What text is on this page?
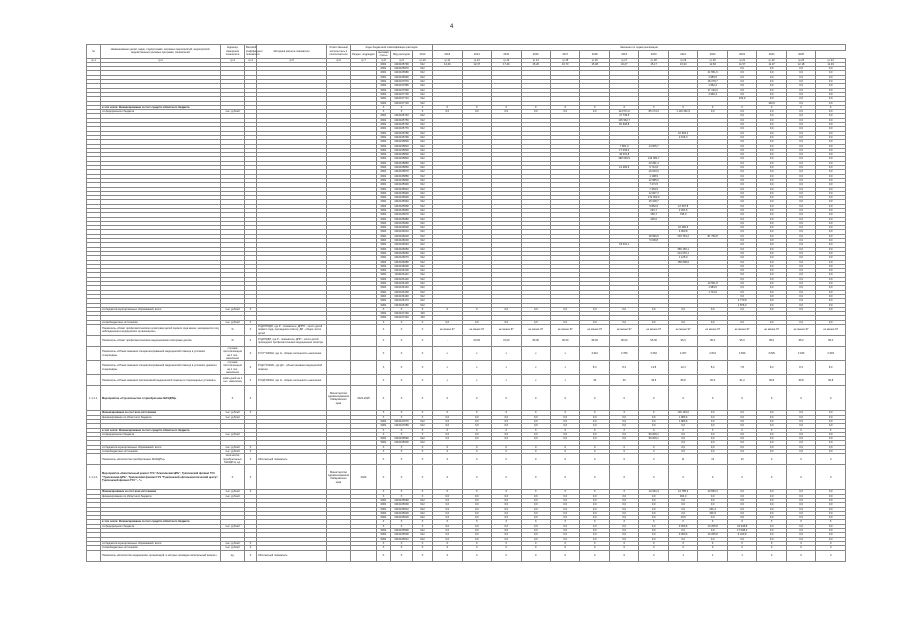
4
№	Наименование целей, задач, подпрограмм, основных мероприятий, мероприятий, ведомственных целевых программ, показателей	Единица измерения показателя	Весовой коэффициент показателя	Методика расчета показателя	Ответственный исполнитель и соисполнители	Коды бюджетной классификации расходов				Значения по годам реализации													
						Раздел, подраздел	Целевая статья	Вид расходов	2012	2013	2014	2015	2016	2017	2018	2019	2020	2021	2022	2023	2024	2025	
гр.1	гр.2	гр.3	гр.4	гр.5	гр.6	гр.7	гр.8	гр.9	гр.10	гр.11	гр.12	гр.13	гр.14	гр.15	гр.16	гр.17	гр.18	гр.19	гр.20	гр.21	гр.22	гр.23	гр.24
							0901	1010105790	612	12,26	12,37	17,49	15,20	16,73	15,48	16,27	15,17	13,34	12,66	11,57	11,37	12,18	11,49
							0901	1010105970	612											0,0	0,0	0,0	0,0
							0901	1010105980	612										21 551,0	0,0	0,0	0,0	0,0
							0901	1010105990	612										1 983,5	0,0	0,0	0,0	0,0
							0901	1010107670	612										18 279,7	0,0	0,0	0,0	0,0
							0901	1010107680	612										1 962,2	0,0	0,0	0,0	0,0
							0901	1010107690	612										17 133,0	0,0	0,0	0,0	0,0
							0901	1010107700	612										4 960,4	0,0	0,0	0,0	0,0
							0901	1010107710	612											100,0	0,0	0,0	0,0
							0901	1010107720	612												100,0	0,0	0,0
	в том числе: Финансирование за счет средств областного бюджета						Х	Х	Х	Х	Х	Х	Х	Х	Х	Х	Х	Х	Х	Х	Х	Х	Х
	из федерального бюджета	тыс. рублей					Х	Х	Х	0,0	0,0	0,0	0,0	0,0	0,0	114 571,0	86 174,3	1 116 391,6	0,0	0,0	0,0	0,0	0,0
							0901	1010105740	612							47 739,5				0,0	0,0	0,0	0,0
							0901	1010105750	612							145 962,7				0,0	0,0	0,0	0,0
							0901	1010105760	612							50 928,8				0,0	0,0	0,0	0,0
							0901	1010105770	612											0,0	0,0	0,0	0,0
							0901	1010105780	612									10 694,2		0,0	0,0	0,0	0,0
							0901	1010105790	612									2 916,3		0,0	0,0	0,0	0,0
							0901	1010105800	612											0,0	0,0	0,0	0,0
							0901	1010105810	612							7 861,0	14 605,7			0,0	0,0	0,0	0,0
							0901	1010105820	612							17 003,0				0,0	0,0	0,0	0,0
							0901	1010105830	612							46 001,8				0,0	0,0	0,0	0,0
							0901	1010105840	612							480 639,9	143 082,7			0,0	0,0	0,0	0,0
							0901	1010105850	612								43 291,3			0,0	0,0	0,0	0,0
							0901	1010105860	612							12 284,6	6 712,8			0,0	0,0	0,0	0,0
							0901	1010105870	612								16 023,0			0,0	0,0	0,0	0,0
							0901	1010105880	612								1 198,9			0,0	0,0	0,0	0,0
							0901	1010105890	612								12 985,0			0,0	0,0	0,0	0,0
							0901	1010105900	612								7 471,5			0,0	0,0	0,0	0,0
							0901	1010105910	612								7 464,5			0,0	0,0	0,0	0,0
							0901	1010105920	612								12 067,3			0,0	0,0	0,0	0,0
							0901	1010105930	612								172 003,0			0,0	0,0	0,0	0,0
							0901	1010105940	612								15 318,7			0,0	0,0	0,0	0,0
							0901	1010105950	612								9 862,9	12 397,8		0,0	0,0	0,0	0,0
							0901	1010105960	612								243,7	2 451,5		0,0	0,0	0,0	0,0
							0901	1010105970	612								150,7	796,0		0,0	0,0	0,0	0,0
							0901	1010105980	612								400,0			0,0	0,0	0,0	0,0
							0901	1010105990	612											0,0	0,0	0,0	0,0
							0901	1010106000	612									16 286,6		0,0	0,0	0,0	0,0
							0901	1010106010	612									4 960,8		0,0	0,0	0,0	0,0
							0901	1010106020	612								18 999,6	204 764,2	81 790,8	0,0	0,0	0,0	0,0
							0901	1010106030	612								5 006,8			0,0	0,0	0,0	0,0
							0901	1010106040	612							18 001,1				0,0	0,0	0,0	0,0
							0901	1010106050	612									356 150,1		0,0	0,0	0,0	0,0
							0901	1010106060	612									214 070,1		0,0	0,0	0,0	0,0
							0901	1010106070	612									1 125,9		0,0	0,0	0,0	0,0
							0901	1010106080	612									159 608,6		0,0	0,0	0,0	0,0
							0901	1010106090	612											0,0	0,0	0,0	0,0
							0901	1010106100	612											0,0	0,0	0,0	0,0
							0901	1010106110	612											0,0	0,0	0,0	0,0
							0901	1010106120	612											0,0	0,0	0,0	0,0
							0901	1010106130	612										10 551,8	0,0	0,0	0,0	0,0
							0901	1010106140	612										1 983,5	0,0	0,0	0,0	0,0
							0901	1010106150	612										1 713,0	0,0	0,0	0,0	0,0
							0901	1010106160	612											0,0	0,0	0,0	0,0
							0901	1010106170	612											4 770,8	0,0	0,0	0,0
							0901	1010106180	612											1 876,3	0,0	0,0	0,0
	из бюджетов муниципальных образований, всего	тыс. рублей	Х				Х	Х	Х	0	0	0,0	0,0	0,0	0,0	0,0	0,0	0,0	0,0	0,0	0,0	0,0	0,0
							0901	1010107430	100														
							0901	1010107440	100														
	из внебюджетных источников	тыс. рублей	Х				Х	Х	Х	0,0	0,0	0,0	0,0	0,0	0,0	0,0	0,0	0,0	0,0	0,0	0,0	0,0	0,0
	Показатель «Охват профилактическими осмотрами детей первого года жизни, находящихся под наблюдением в медицинских организациях»	%	0	P=ДППП/ДП, где Р - показатель; ДППП - число детей первого года, прошедших осмотр; ДП - общее число детей			Х	Х	Х	не менее 97	не менее 97	не менее 97	не менее 97	не менее 97	не менее 97	не менее 97	не менее 97	не менее 97	не менее 97	не менее 97	не менее 97	не менее 97	не менее 97
	Показатель «Охват профилактическими медицинскими осмотрами детей»	%	0	P=ДПП/ДП, где Р - показатель; ДПП - число детей, прошедших профилактические медицинские осмотры			Х	Х	Х	-	60,00	70,00	80,00	90,00	95,00	95,00	95,00	95,0	95,0	95,0	95,0	95,0	95,0
	Показатель «Объем оказания специализированной медицинской помощи в условиях стационара»	случаев госпитализации на 1 тыс. населения	0	P=СГ*1000/Н, где Н - общая численность населения			Х	Х	Х	х	х	х	х	х	4 910	2 789	3 052	3 267	2 844	2 830	3 825	3 183	2 993
	Показатель «Объем оказания специализированной медицинской помощи в условиях дневного стационара»	случаев госпитализации на 1 тыс. населения	0	P=ДС*1000/Н, где ДС - объем оказания медицинской помощи			Х	Х	Х	х	х	х	х	х	8,3	8,3	13,8	12,3	8,3	7,8	8,3	8,3	8,3
	Показатель «Объем оказания паллиативной медицинской помощи в стационарных условиях»	койко-дней на 1 тыс. населения	0	P=КД*1000/Н, где Н - общая численность населения			Х	Х	Х	х	х	х	х	х	40	40	49,5	86,8	92,0	91,2	90,8	90,8	90,8
1.1.1.1.	Мероприятие «Строительство и приобретение МАЗ/ДТЦ»	Х	Х		Министерство здравоохранения Хабаровского края	2023-2025	Х	Х	Х	0	0	0	0	0	0	0	0	0	0	0	0	0	0
	Финансирование за счет всех источников	тыс. рублей	Х				Х	Х	Х	Х	Х	Х	Х	Х	Х	Х	Х	103 193,0	0,0	0,0	0,0	0,0	0,0
	финансирование из областного бюджета	тыс. рублей					Х	Х	Х	0,0	0,0	0,0	0,0	0,0	0,0	0,0	0,0	1 983,6	0,0	0,0	0,0	0,0	0,0
							0901	1010107670	612	0,0	0,0	0,0	0,0	0,0	0,0	0,0	0,0	1 983,6	0,0	0,0	0,0	0,0	0,0
							0901	1010107680	612	0,0	0,0	0,0	0,0	0,0	0,0	0,0	0,0	0,0	0,0	0,0	0,0	0,0	0,0
	в том числе: Финансирование за счет средств областного бюджета						Х	Х	Х	Х	Х	Х	Х	Х	Х	Х	Х	Х	Х	Х	Х	Х	Х
	из федерального бюджета	тыс. рублей					Х	Х	Х	0,0	0,0	0,0	0,0	0,0	0,0	0,0	99 209,1	0,0	0,0	0,0	0,0	0,0	0,0
							0901	1010105590	612	0,0	0,0	0,0	0,0	0,0	0,0	0,0	99 209,1	0,0	0,0	0,0	0,0	0,0	0,0
							0901	1010105600	612									0,0	0,0	0,0	0,0	0,0	0,0
	из бюджетов муниципальных образований, всего	тыс. рублей	Х				Х	Х	Х	0	0	0	0	0	0	0	0	0,0	0,0	0,0	0,0	0,0	0,0
	из внебюджетных источников	тыс. рублей	Х				Х	Х	Х	0	0	0	0	0	0	0	0	0,0	0,0	0,0	0,0	0,0	0,0
	Показатель «Количество приобретенных МАЗ/ДТЦ»	количество приобретенных МАЗ/ДТЦ, ед.	Х	Абсолютный показатель			Х	Х	Х	0	0	0	0	0	0	0	0	11	13	13	0	0	0
1.1.1.2.	Мероприятие «Капитальный ремонт ГУЗ "Алексинская ЦРБ", Туапсинский филиал ГУЗ "Туапсинская ЦРБ", Туапсинский филиал ГУЗ "Туапсинский офтальмологический центр", Туапсинский филиал ГУЗ "..."»	Х	Х		Министерство здравоохранения Хабаровского края	2020	Х	Х	Х	0	0	0	0	0	0	0	0	0	0	0	0	0	0
	Финансирование за счет всех источников	тыс. рублей	Х				Х	Х	Х	Х	Х	Х	Х	Х	Х	Х	10 193,4	12 785,3	23 830,3	0,0	0,0	0,0	0,0
	финансирование из областного бюджета	тыс. рублей					Х	Х	Х	0,0	0,0	0,0	0,0	0,0	0,0	0,0	0,0	304,3	0,0	0,0	0,0	0,0	0,0
							0901	1010105590	612	0,0	0,0	0,0	0,0	0,0	0,0	0,0	0,0	0,0	0,0	0,0	0,0	0,0	0,0
							0901	1010105600	612	0,0	0,0	0,0	0,0	0,0	0,0	0,0	0,0	0,0	0,0	0,0	0,0	0,0	0,0
							0901	1010105610	612	0,0	0,0	0,0	0,0	0,0	0,0	0,0	0,0	0,0	291,4	0,0	0,0	0,0	0,0
							0901	1010105620	612	0,0	0,0	0,0	0,0	0,0	0,0	0,0	0,0	0,0	301,5	0,0	0,0	0,0	0,0
							0901	1010105630	612	0,0	0,0	0,0	0,0	0,0	0,0	0,0	0,0	10,5	0,0	0,0	0,0	0,0	0,0
	в том числе: Финансирование за счет средств областного бюджета						Х	Х	Х	Х	Х	Х	Х	Х	Х	Х	Х	Х	Х	Х	Х	Х	Х
	из федерального бюджета	тыс. рублей					Х	Х	Х	0,0	0,0	0,0	0,0	0,0	0,0	0,0	0,0	9 360,6	13 265,8	23 338,8	0,0	0,0	0,0
							0901	1010105590	612	0,0	0,0	0,0	0,0	0,0	0,0	0,0	0,0	0,0	0,0	17 098,2	0,0	0,0	0,0
							0901	1010105600	612	0,0	0,0	0,0	0,0	0,0	0,0	0,0	0,0	9 360,6	13 265,8	6 240,6	0,0	0,0	0,0
							0901	1010105610	612	0,0	0,0	0,0	0,0	0,0	0,0	0,0	0,0	0,0	0,0	0,0	0,0	0,0	0,0
	из бюджетов муниципальных образований, всего	тыс. рублей	Х				Х	Х	Х	0	0	0	0	0	0	0	0	0	0	0	0	0	0
	из внебюджетных источников	тыс. рублей	Х				Х	Х	Х	0	0	0	0	0	0	0	0	0	0	0	0	0	0
	Показатель «Количество медицинских организаций, в которых проведен капитальный ремонт»	ед.	Х	Абсолютный показатель			Х	Х	Х	0	0	0	0	0	0	0	0	1	1	1	0	0	0
